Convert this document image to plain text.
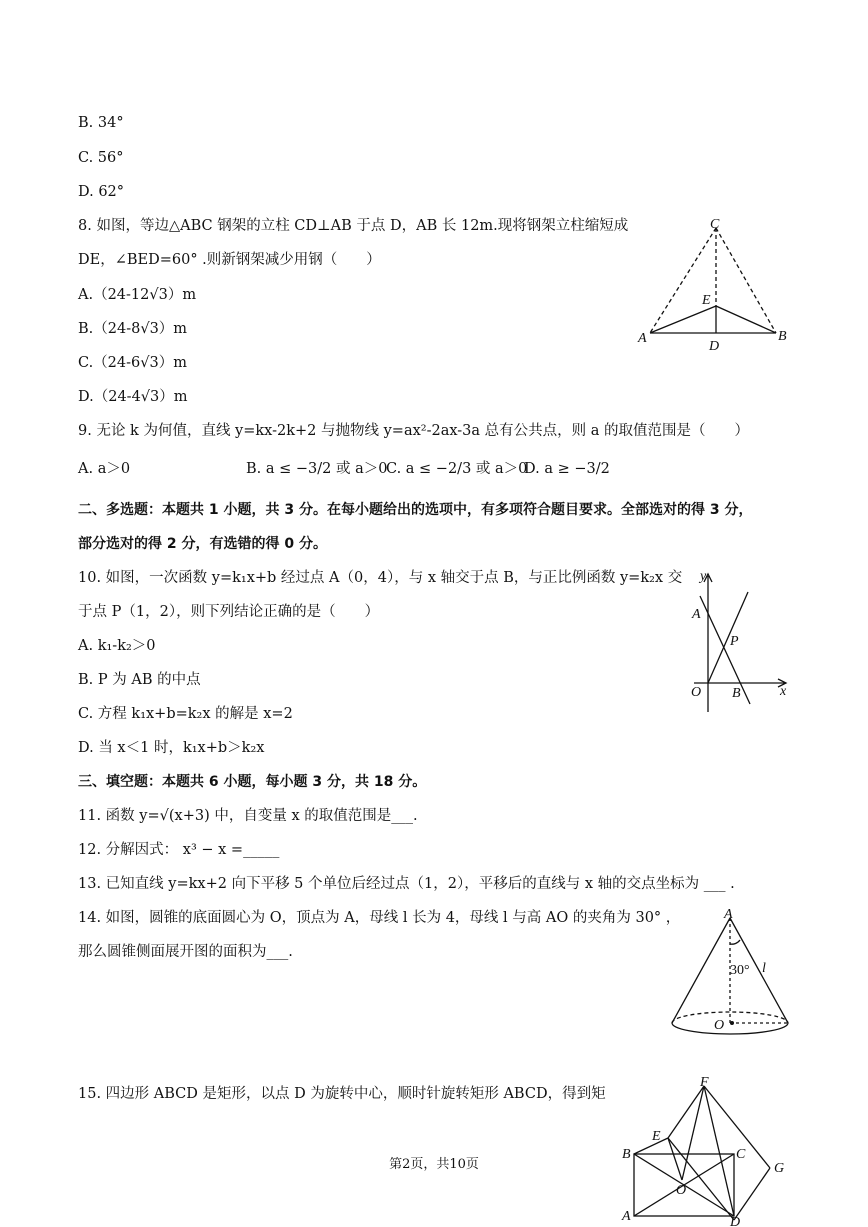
B. 34°
C. 56°
D. 62°
8. 如图，等边△ABC 钢架的立柱 CD⊥AB 于点 D，AB 长 12m.现将钢架立柱缩短成
DE，∠BED=60° .则新钢架减少用钢（　　）
A.（24-12√3）m
B.（24-8√3）m
C.（24-6√3）m
D.（24-4√3）m
9. 无论 k 为何值，直线 y=kx-2k+2 与抛物线 y=ax²-2ax-3a 总有公共点，则 a 的取值范围是（　　）
A. a＞0	B. a ≤ −3/2 或 a＞0
C. a ≤ −2/3 或 a＞0
D. a ≥ −3/2
二、多选题：本题共 1 小题，共 3 分。在每小题给出的选项中，有多项符合题目要求。全部选对的得 3 分，
部分选对的得 2 分，有选错的得 0 分。
10. 如图，一次函数 y=k₁x+b 经过点 A（0，4），与 x 轴交于点 B，与正比例函数 y=k₂x 交
于点 P（1，2），则下列结论正确的是（　　）
A. k₁-k₂＞0
B. P 为 AB 的中点
C. 方程 k₁x+b=k₂x 的解是 x=2
D. 当 x＜1 时，k₁x+b＞k₂x
三、填空题：本题共 6 小题，每小题 3 分，共 18 分。
11. 函数 y=√(x+3) 中，自变量 x 的取值范围是___.
12. 分解因式： x³ − x =_____
13. 已知直线 y=kx+2 向下平移 5 个单位后经过点（1，2），平移后的直线与 x 轴的交点坐标为 ___ .
14. 如图，圆锥的底面圆心为 O，顶点为 A，母线 l 长为 4，母线 l 与高 AO 的夹角为 30° ，
那么圆锥侧面展开图的面积为___.
15. 四边形 ABCD 是矩形，以点 D 为旋转中心，顺时针旋转矩形 ABCD，得到矩
C
E
A
D
B
y
A
P
O B	x
A
30° l
O
F
E
B	C
G
O
A	D
第2页，共10页
